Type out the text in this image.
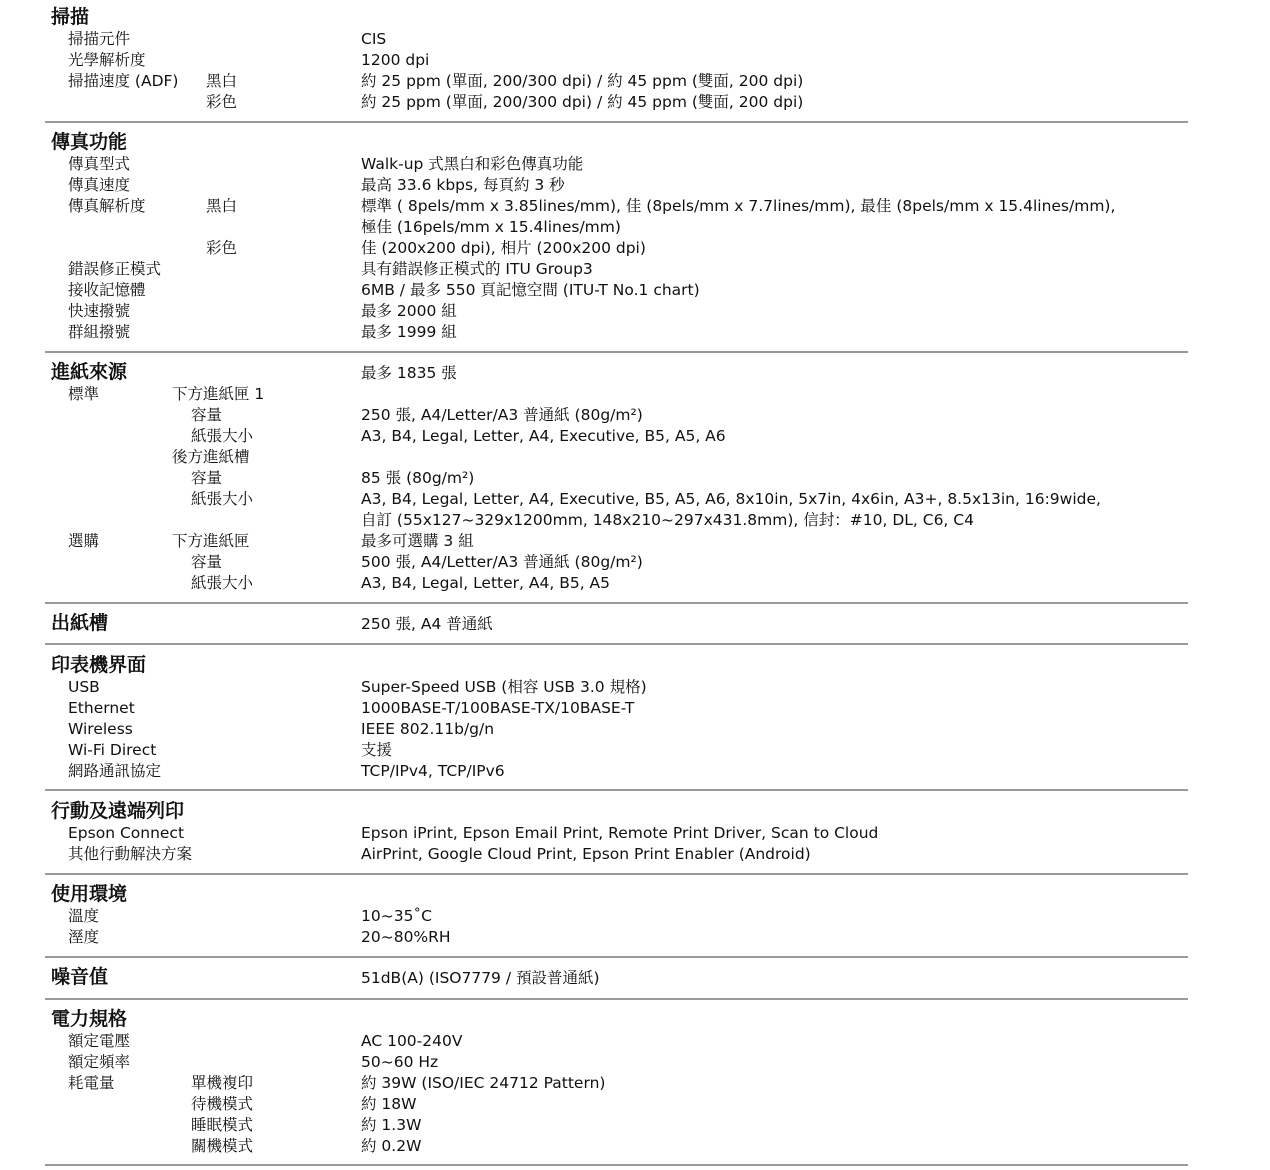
掃描
掃描元件	CIS
光學解析度	1200 dpi
掃描速度 (ADF) 黑白	約 25 ppm (單面, 200/300 dpi) / 約 45 ppm (雙面, 200 dpi)
彩色	約 25 ppm (單面, 200/300 dpi) / 約 45 ppm (雙面, 200 dpi)
傳真功能
傳真型式	Walk-up 式黑白和彩色傳真功能
傳真速度	最高 33.6 kbps, 每頁約 3 秒
傳真解析度	黑白	標準 ( 8pels/mm x 3.85lines/mm), 佳 (8pels/mm x 7.7lines/mm), 最佳 (8pels/mm x 15.4lines/mm),
極佳 (16pels/mm x 15.4lines/mm)
彩色	佳 (200x200 dpi), 相片 (200x200 dpi)
錯誤修正模式	具有錯誤修正模式的 ITU Group3
接收記憶體	6MB / 最多 550 頁記憶空間 (ITU-T No.1 chart)
快速撥號	最多 2000 組
群組撥號	最多 1999 組
進紙來源	最多 1835 張
標準	下方進紙匣 1
容量	250 張, A4/Letter/A3 普通紙 (80g/m²)
紙張大小	A3, B4, Legal, Letter, A4, Executive, B5, A5, A6
後方進紙槽
容量	85 張 (80g/m²)
紙張大小	A3, B4, Legal, Letter, A4, Executive, B5, A5, A6, 8x10in, 5x7in, 4x6in, A3+, 8.5x13in, 16:9wide,
自訂 (55x127~329x1200mm, 148x210~297x431.8mm), 信封：#10, DL, C6, C4
選購	下方進紙匣	最多可選購 3 組
容量	500 張, A4/Letter/A3 普通紙 (80g/m²)
紙張大小	A3, B4, Legal, Letter, A4, B5, A5
出紙槽	250 張, A4 普通紙
印表機界面
USB	Super-Speed USB (相容 USB 3.0 規格)
Ethernet	1000BASE-T/100BASE-TX/10BASE-T
Wireless	IEEE 802.11b/g/n
Wi-Fi Direct	支援
網路通訊協定	TCP/IPv4, TCP/IPv6
行動及遠端列印
Epson Connect	Epson iPrint, Epson Email Print, Remote Print Driver, Scan to Cloud
其他行動解決方案	AirPrint, Google Cloud Print, Epson Print Enabler (Android)
使用環境
溫度	10~35˚C
溼度	20~80%RH
噪音值	51dB(A) (ISO7779 / 預設普通紙)
電力規格
額定電壓	AC 100-240V
額定頻率	50~60 Hz
耗電量	單機複印	約 39W (ISO/IEC 24712 Pattern)
待機模式	約 18W
睡眠模式	約 1.3W
關機模式	約 0.2W
